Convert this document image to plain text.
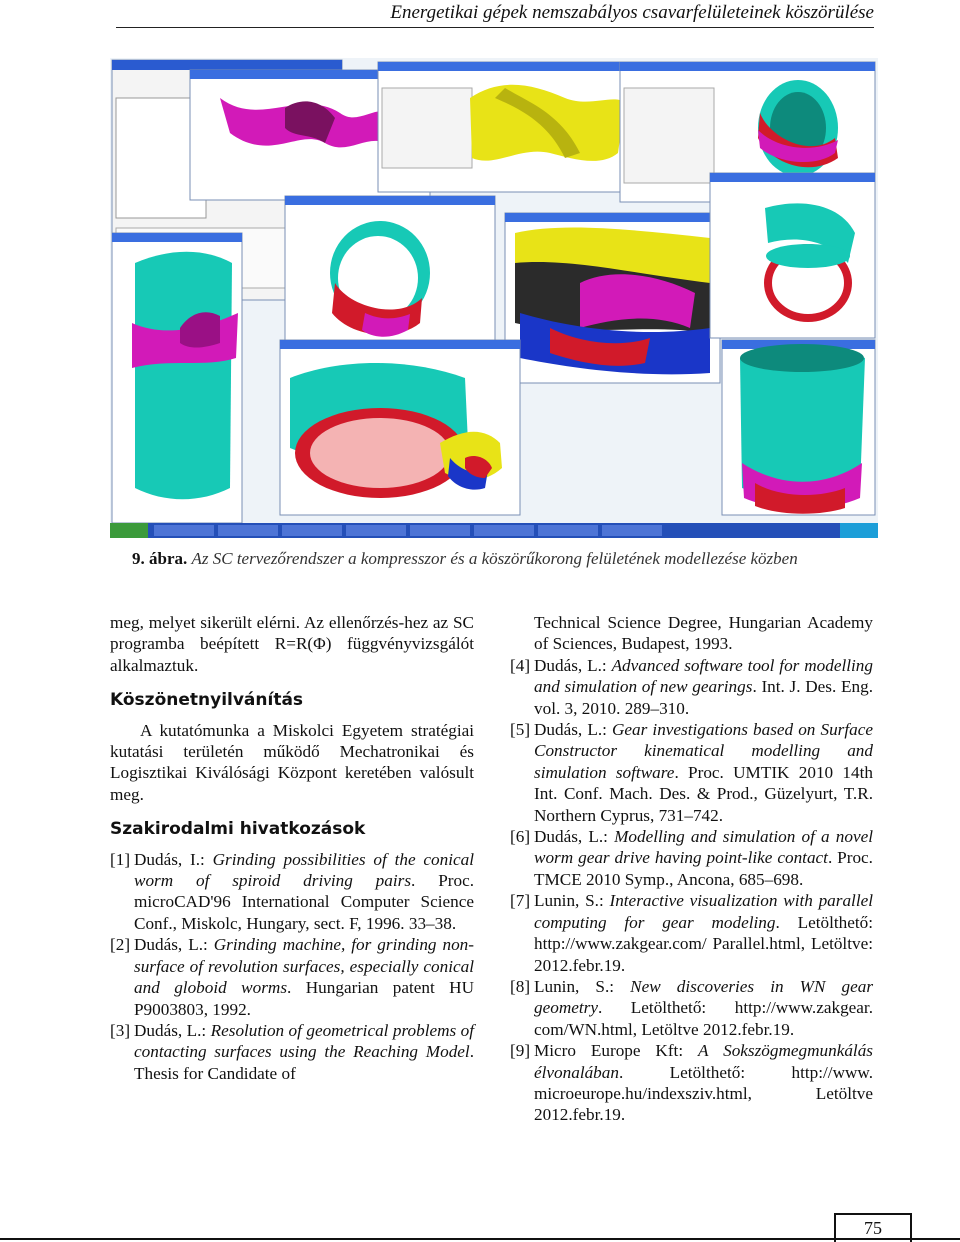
Energetikai gépek nemszabályos csavarfelületeinek köszörülése
9. ábra. Az SC tervezőrendszer a kompresszor és a köszörűkorong felületének modellezése közben

meg, melyet sikerült elérni. Az ellenőrzés-hez az SC programba beépített R=R(Φ) függvényvizsgálót alkalmaztuk.

Köszönetnyilvánítás

A kutatómunka a Miskolci Egyetem stratégiai kutatási területén működő Mechatronikai és Logisztikai Kiválósági Központ keretében valósult meg.

Szakirodalmi hivatkozások
[1] Dudás, I.: Grinding possibilities of the conical worm of spiroid driving pairs. Proc. microCAD'96 International Computer Science Conf., Miskolc, Hungary, sect. F, 1996. 33–38.
[2] Dudás, L.: Grinding machine, for grinding non-surface of revolution surfaces, especially conical and globoid worms. Hungarian patent HU P9003803, 1992.
[3] Dudás, L.: Resolution of geometrical problems of contacting surfaces using the Reaching Model. Thesis for Candidate of

Technical Science Degree, Hungarian Academy of Sciences, Budapest, 1993.

[4] Dudás, L.: Advanced software tool for modelling and simulation of new gearings. Int. J. Des. Eng. vol. 3, 2010. 289–310.
[5] Dudás, L.: Gear investigations based on Surface Constructor kinematical modelling and simulation software. Proc. UMTIK 2010 14th Int. Conf. Mach. Des. & Prod., Güzelyurt, T.R. Northern Cyprus, 731–742.
[6] Dudás, L.: Modelling and simulation of a novel worm gear drive having point-like contact. Proc. TMCE 2010 Symp., Ancona, 685–698.
[7] Lunin, S.: Interactive visualization with parallel computing for gear modeling. Letölthető: http://www.zakgear.com/ Parallel.html, Letöltve: 2012.febr.19.
[8] Lunin, S.: New discoveries in WN gear geometry. Letölthető: http://www.zakgear. com/WN.html, Letöltve 2012.febr.19.
[9] Micro Europe Kft: A Sokszögmegmunkálás élvonalában. Letölthető: http://www. microeurope.hu/indexsziv.html, Letöltve 2012.febr.19.
75
